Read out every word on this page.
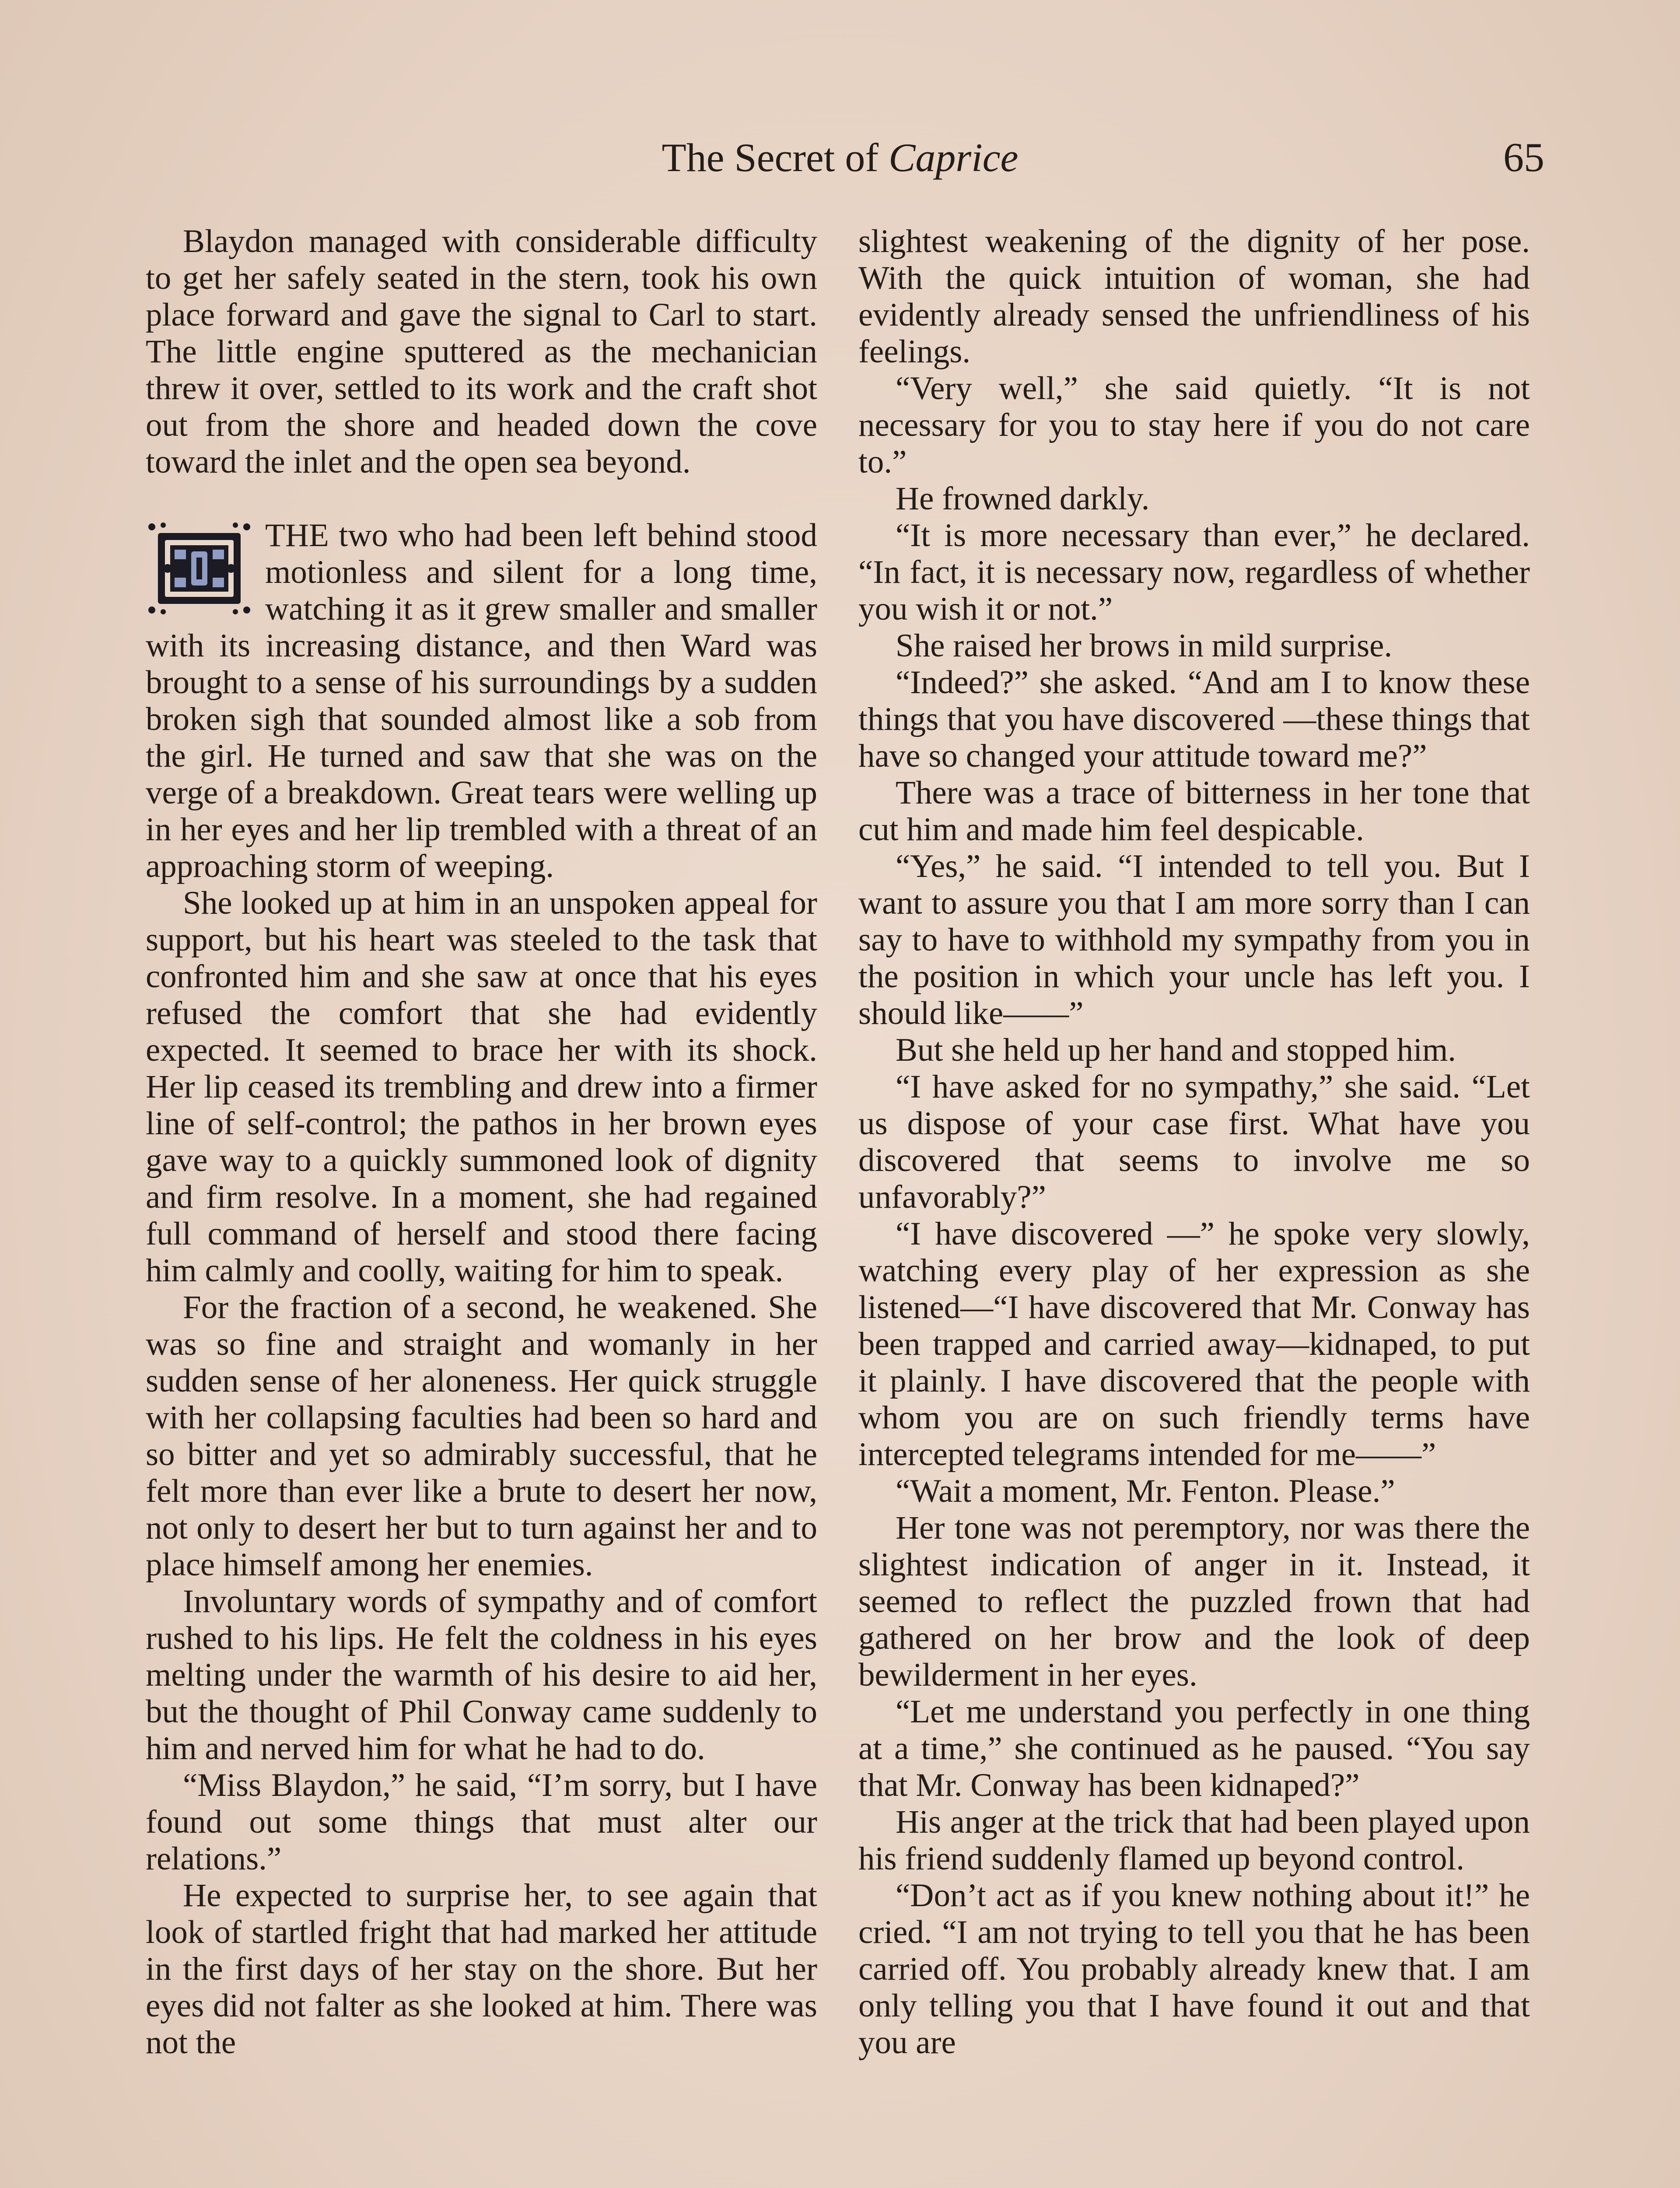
The Secret of Caprice	65

Blaydon managed with considerable difficulty to get her safely seated in the stern, took his own place forward and gave the signal to Carl to start. The little engine sputtered as the mechanician threw it over, settled to its work and the craft shot out from the shore and headed down the cove toward the inlet and the open sea beyond.

THE two who had been left behind stood motionless and silent for a long time, watching it as it grew smaller and smaller with its increasing distance, and then Ward was brought to a sense of his surroundings by a sudden broken sigh that sounded almost like a sob from the girl. He turned and saw that she was on the verge of a breakdown. Great tears were welling up in her eyes and her lip trembled with a threat of an approaching storm of weeping.

She looked up at him in an unspoken appeal for support, but his heart was steeled to the task that confronted him and she saw at once that his eyes refused the comfort that she had evidently expected. It seemed to brace her with its shock. Her lip ceased its trembling and drew into a firmer line of self-control; the pathos in her brown eyes gave way to a quickly summoned look of dignity and firm resolve. In a moment, she had regained full command of herself and stood there facing him calmly and coolly, waiting for him to speak.

For the fraction of a second, he weakened. She was so fine and straight and womanly in her sudden sense of her aloneness. Her quick struggle with her collapsing faculties had been so hard and so bitter and yet so admirably successful, that he felt more than ever like a brute to desert her now, not only to desert her but to turn against her and to place himself among her enemies.

Involuntary words of sympathy and of comfort rushed to his lips. He felt the coldness in his eyes melting under the warmth of his desire to aid her, but the thought of Phil Conway came suddenly to him and nerved him for what he had to do.

“Miss Blaydon,” he said, “I’m sorry, but I have found out some things that must alter our relations.”

He expected to surprise her, to see again that look of startled fright that had marked her attitude in the first days of her stay on the shore. But her eyes did not falter as she looked at him. There was not the

slightest weakening of the dignity of her pose. With the quick intuition of woman, she had evidently already sensed the unfriendliness of his feelings.

“Very well,” she said quietly. “It is not necessary for you to stay here if you do not care to.”

He frowned darkly.

“It is more necessary than ever,” he declared. “In fact, it is necessary now, regardless of whether you wish it or not.”

She raised her brows in mild surprise.

“Indeed?” she asked. “And am I to know these things that you have discovered —these things that have so changed your attitude toward me?”

There was a trace of bitterness in her tone that cut him and made him feel despicable.

“Yes,” he said. “I intended to tell you. But I want to assure you that I am more sorry than I can say to have to withhold my sympathy from you in the position in which your uncle has left you. I should like——”

But she held up her hand and stopped him.

“I have asked for no sympathy,” she said. “Let us dispose of your case first. What have you discovered that seems to involve me so unfavorably?”

“I have discovered —” he spoke very slowly, watching every play of her expression as she listened—“I have discovered that Mr. Conway has been trapped and carried away—kidnaped, to put it plainly. I have discovered that the people with whom you are on such friendly terms have intercepted telegrams intended for me——”

“Wait a moment, Mr. Fenton. Please.”

Her tone was not peremptory, nor was there the slightest indication of anger in it. Instead, it seemed to reflect the puzzled frown that had gathered on her brow and the look of deep bewilderment in her eyes.

“Let me understand you perfectly in one thing at a time,” she continued as he paused. “You say that Mr. Conway has been kidnaped?”

His anger at the trick that had been played upon his friend suddenly flamed up beyond control.

“Don’t act as if you knew nothing about it!” he cried. “I am not trying to tell you that he has been carried off. You probably already knew that. I am only telling you that I have found it out and that you are
